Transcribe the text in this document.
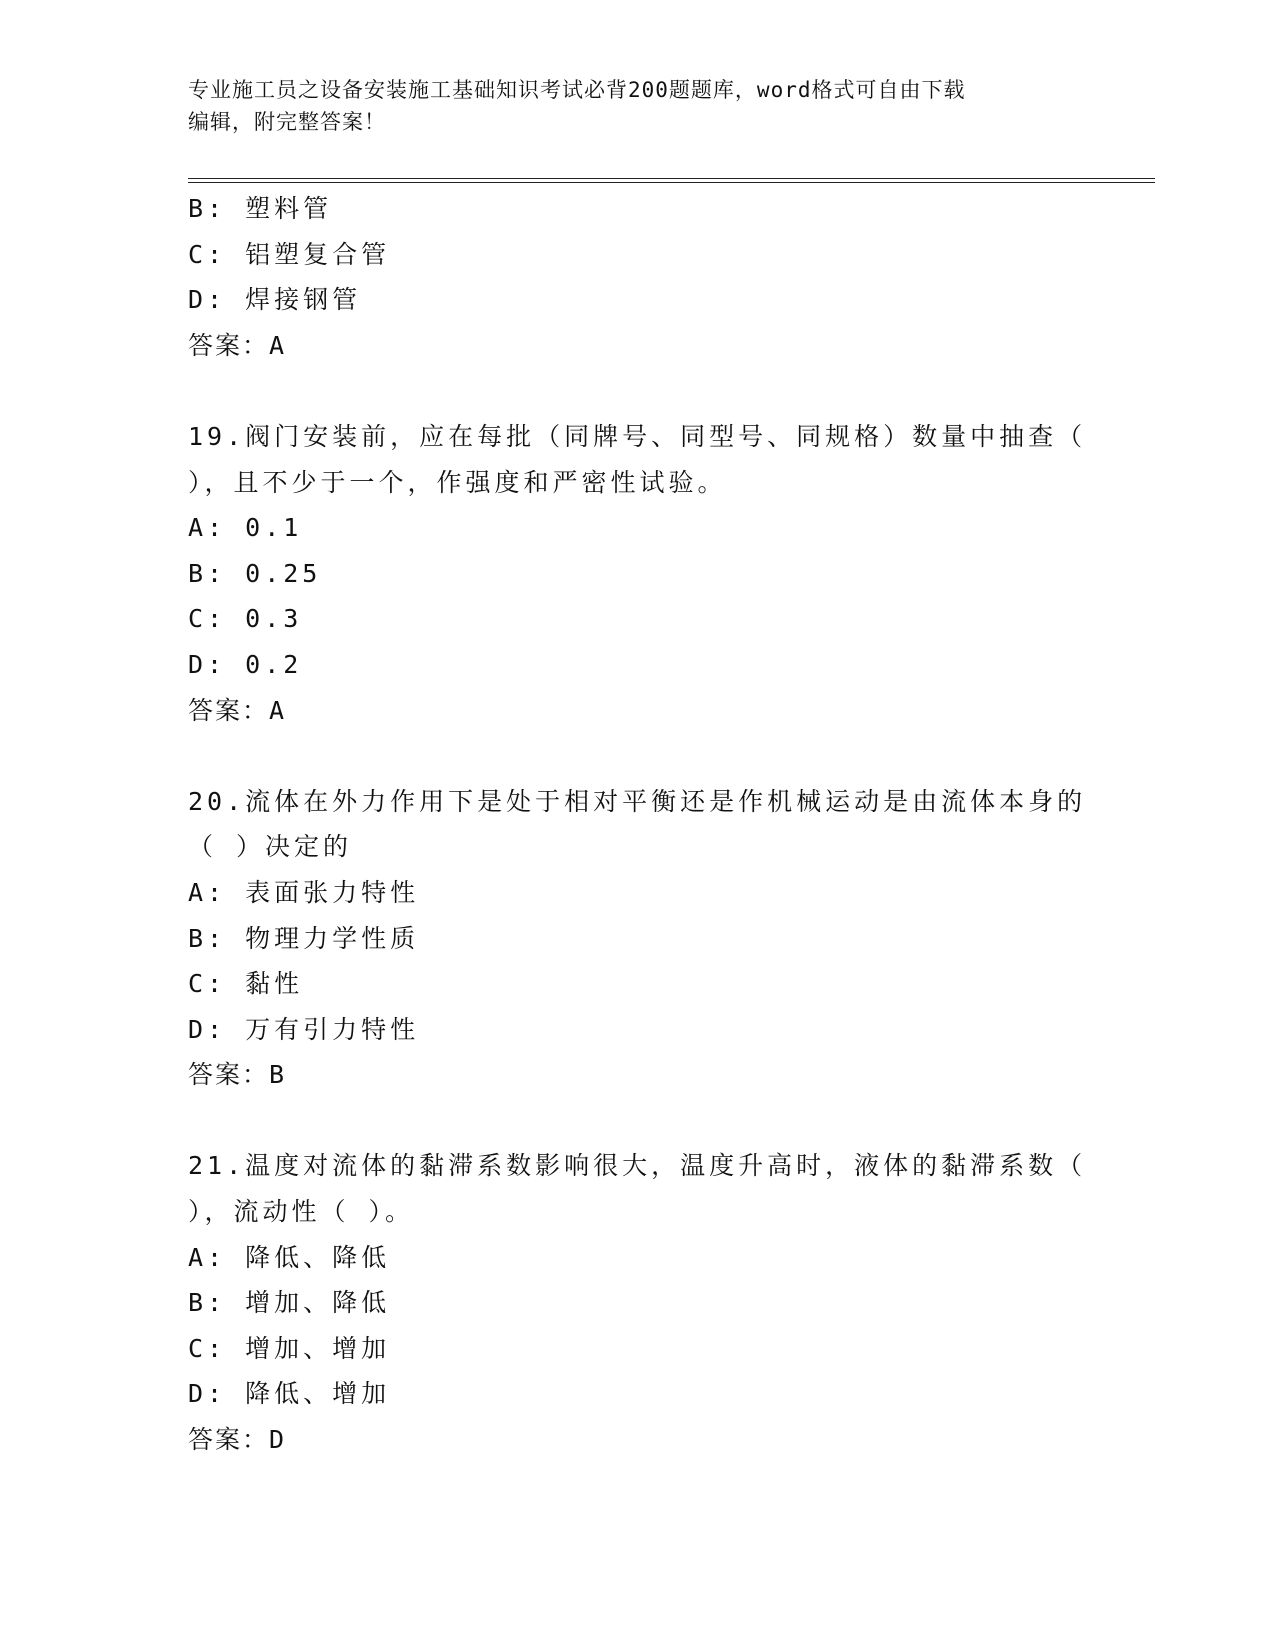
专业施工员之设备安装施工基础知识考试必背200题题库，word格式可自由下载
编辑，附完整答案！
B: 塑料管
C: 铝塑复合管
D: 焊接钢管
答案：A
19.阀门安装前，应在每批（同牌号、同型号、同规格）数量中抽查（
），且不少于一个，作强度和严密性试验。
A: 0.1
B: 0.25
C: 0.3
D: 0.2
答案：A
20.流体在外力作用下是处于相对平衡还是作机械运动是由流体本身的
（ ）决定的
A: 表面张力特性
B: 物理力学性质
C: 黏性
D: 万有引力特性
答案：B
21.温度对流体的黏滞系数影响很大，温度升高时，液体的黏滞系数（
），流动性（ ）。
A: 降低、降低
B: 增加、降低
C: 增加、增加
D: 降低、增加
答案：D
